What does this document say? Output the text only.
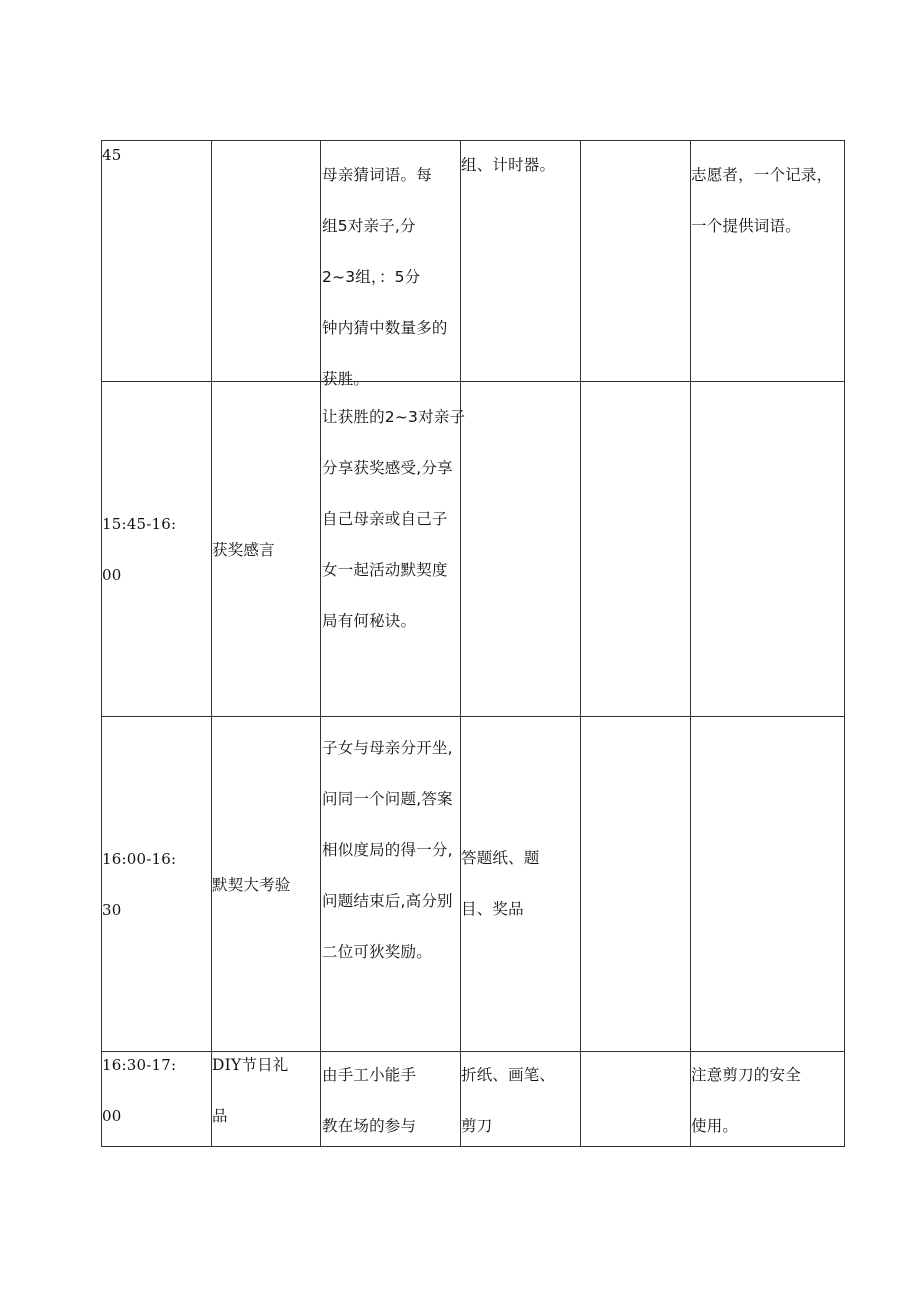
45
母亲猜词语。每
组5对亲子,分
2~3组，：5分
钟内猜中数量多的
获胜。
组、计时器。
志愿者，一个记录，
一个提供词语。
15:45-16:
00
获奖感言
让获胜的2~3对亲子
分享获奖感受,分享
自己母亲或自己子
女一起活动默契度
局有何秘诀。
16:00-16:
30
默契大考验
子女与母亲分开坐,
问同一个问题,答案
相似度局的得一分,
问题结束后,高分别
二位可狄奖励。
答题纸、题
目、奖品
16:30-17:
00
DIY节日礼
品
由手工小能手
教在场的参与
折纸、画笔、
剪刀
注意剪刀的安全
使用。
